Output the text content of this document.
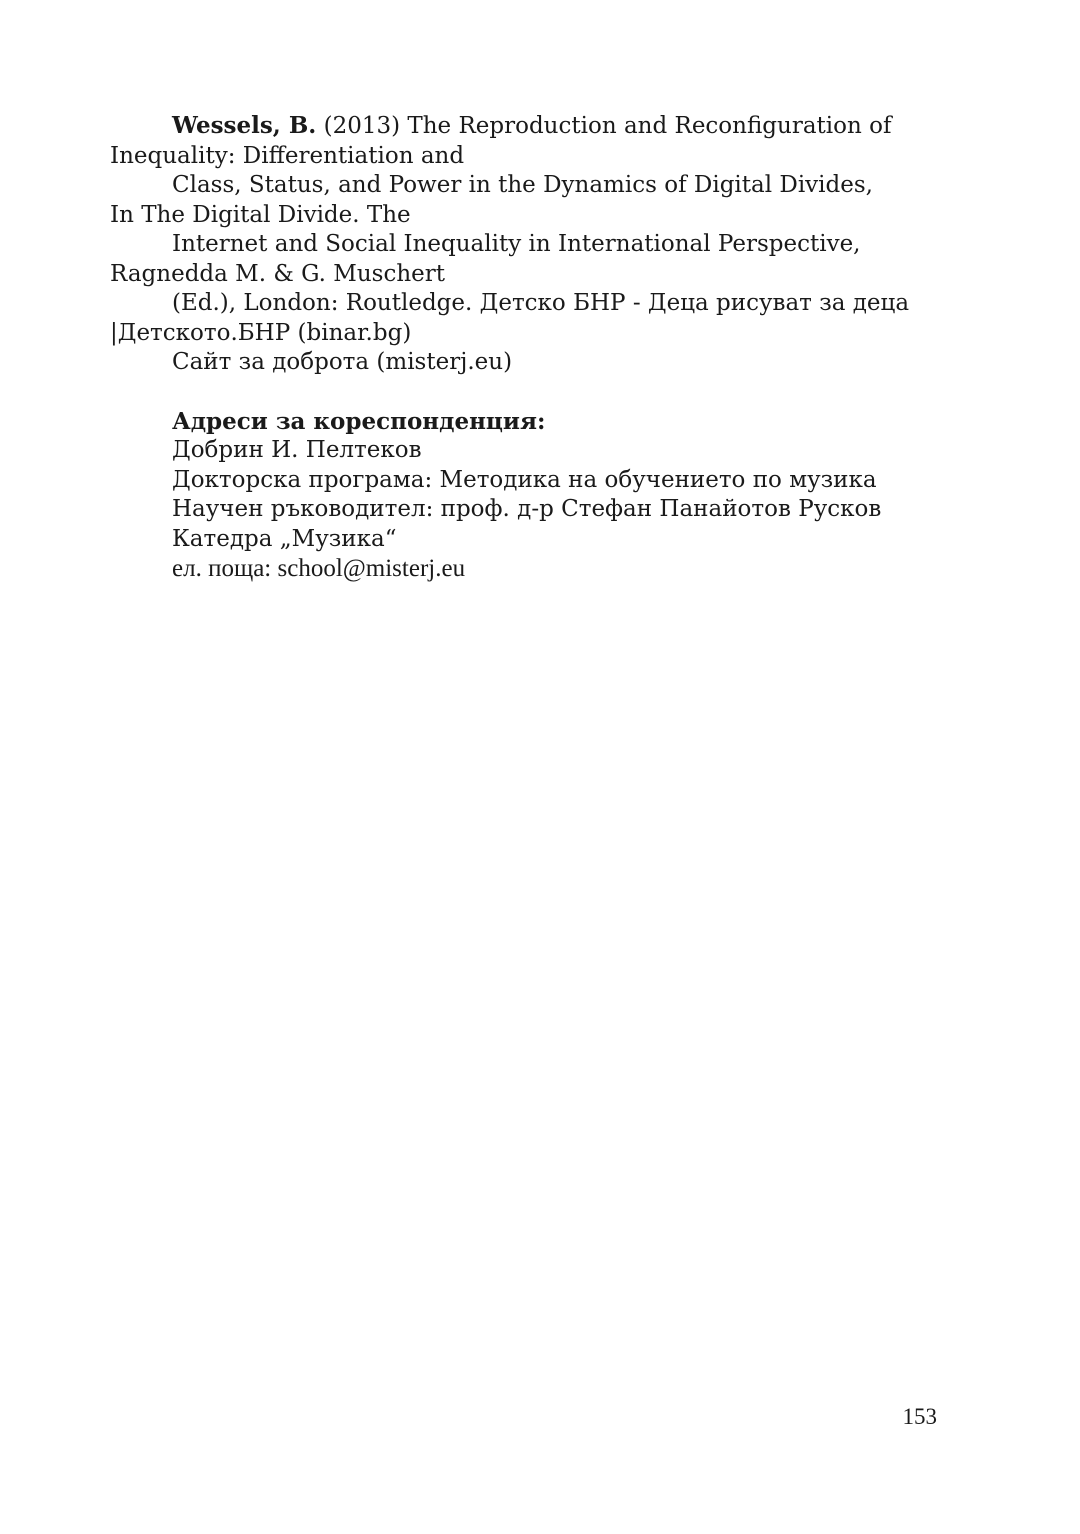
Wessels, B. (2013) The Reproduction and Reconfiguration of
Inequality: Differentiation and
Class, Status, and Power in the Dynamics of Digital Divides,
In The Digital Divide. The
Internet and Social Inequality in International Perspective,
Ragnedda M. & G. Muschert
(Ed.), London: Routledge. Детско БНР - Деца рисуват за деца
|Детското.БНР (binar.bg)
Сайт за доброта (misterj.eu)
Адреси за кореспонденция:
Добрин И. Пелтеков
Докторска програма: Методика на обучението по музика
Научен ръководител: проф. д-р Стефан Панайотов Русков
Катедра „Музика“
ел. поща: school@misterj.eu
153
